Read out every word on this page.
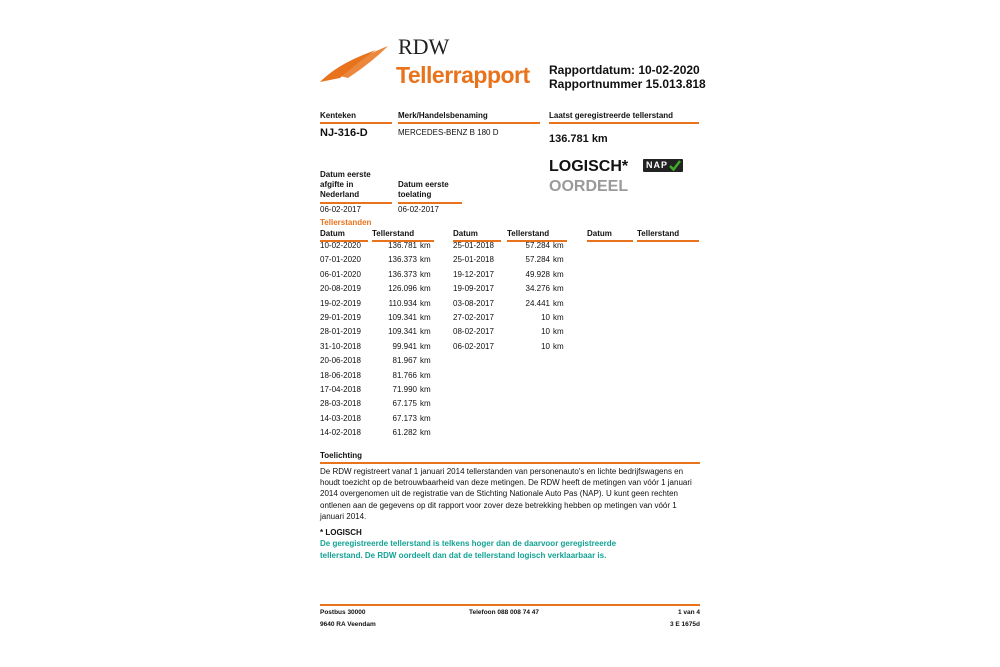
RDW
Tellerrapport Rapportdatum: 10-02-2020
Rapportnummer 15.013.818
Kenteken
NJ-316-D
Merk/Handelsbenaming
MERCEDES-BENZ B 180 D
Laatst geregistreerde tellerstand
136.781 km
LOGISCH* NAP
OORDEEL
Datum eerste afgifte in Nederland
06-02-2017
Datum eerste toelating
06-02-2017
Tellerstanden
Datum	Tellerstand	Datum	Tellerstand	Datum	Tellerstand
10-02-2020	136.781 km
07-01-2020	136.373 km
06-01-2020	136.373 km
20-08-2019	126.096 km
19-02-2019	110.934 km
29-01-2019	109.341 km
28-01-2019	109.341 km
31-10-2018	99.941 km
20-06-2018	81.967 km
18-06-2018	81.766 km
17-04-2018	71.990 km
28-03-2018	67.175 km
14-03-2018	67.173 km
14-02-2018	61.282 km
25-01-2018	57.284 km
25-01-2018	57.284 km
19-12-2017	49.928 km
19-09-2017	34.276 km
03-08-2017	24.441 km
27-02-2017	10 km
08-02-2017	10 km
06-02-2017	10 km
Toelichting
De RDW registreert vanaf 1 januari 2014 tellerstanden van personenauto's en lichte bedrijfswagens en houdt toezicht op de betrouwbaarheid van deze metingen. De RDW heeft de metingen van vóór 1 januari 2014 overgenomen uit de registratie van de Stichting Nationale Auto Pas (NAP). U kunt geen rechten ontlenen aan de gegevens op dit rapport voor zover deze betrekking hebben op metingen van vóór 1 januari 2014.
* LOGISCH
De geregistreerde tellerstand is telkens hoger dan de daarvoor geregistreerde tellerstand. De RDW oordeelt dan dat de tellerstand logisch verklaarbaar is.
Postbus 30000
9640 RA Veendam
Telefoon 088 008 74 47	1 van 4
3 E 1675d
